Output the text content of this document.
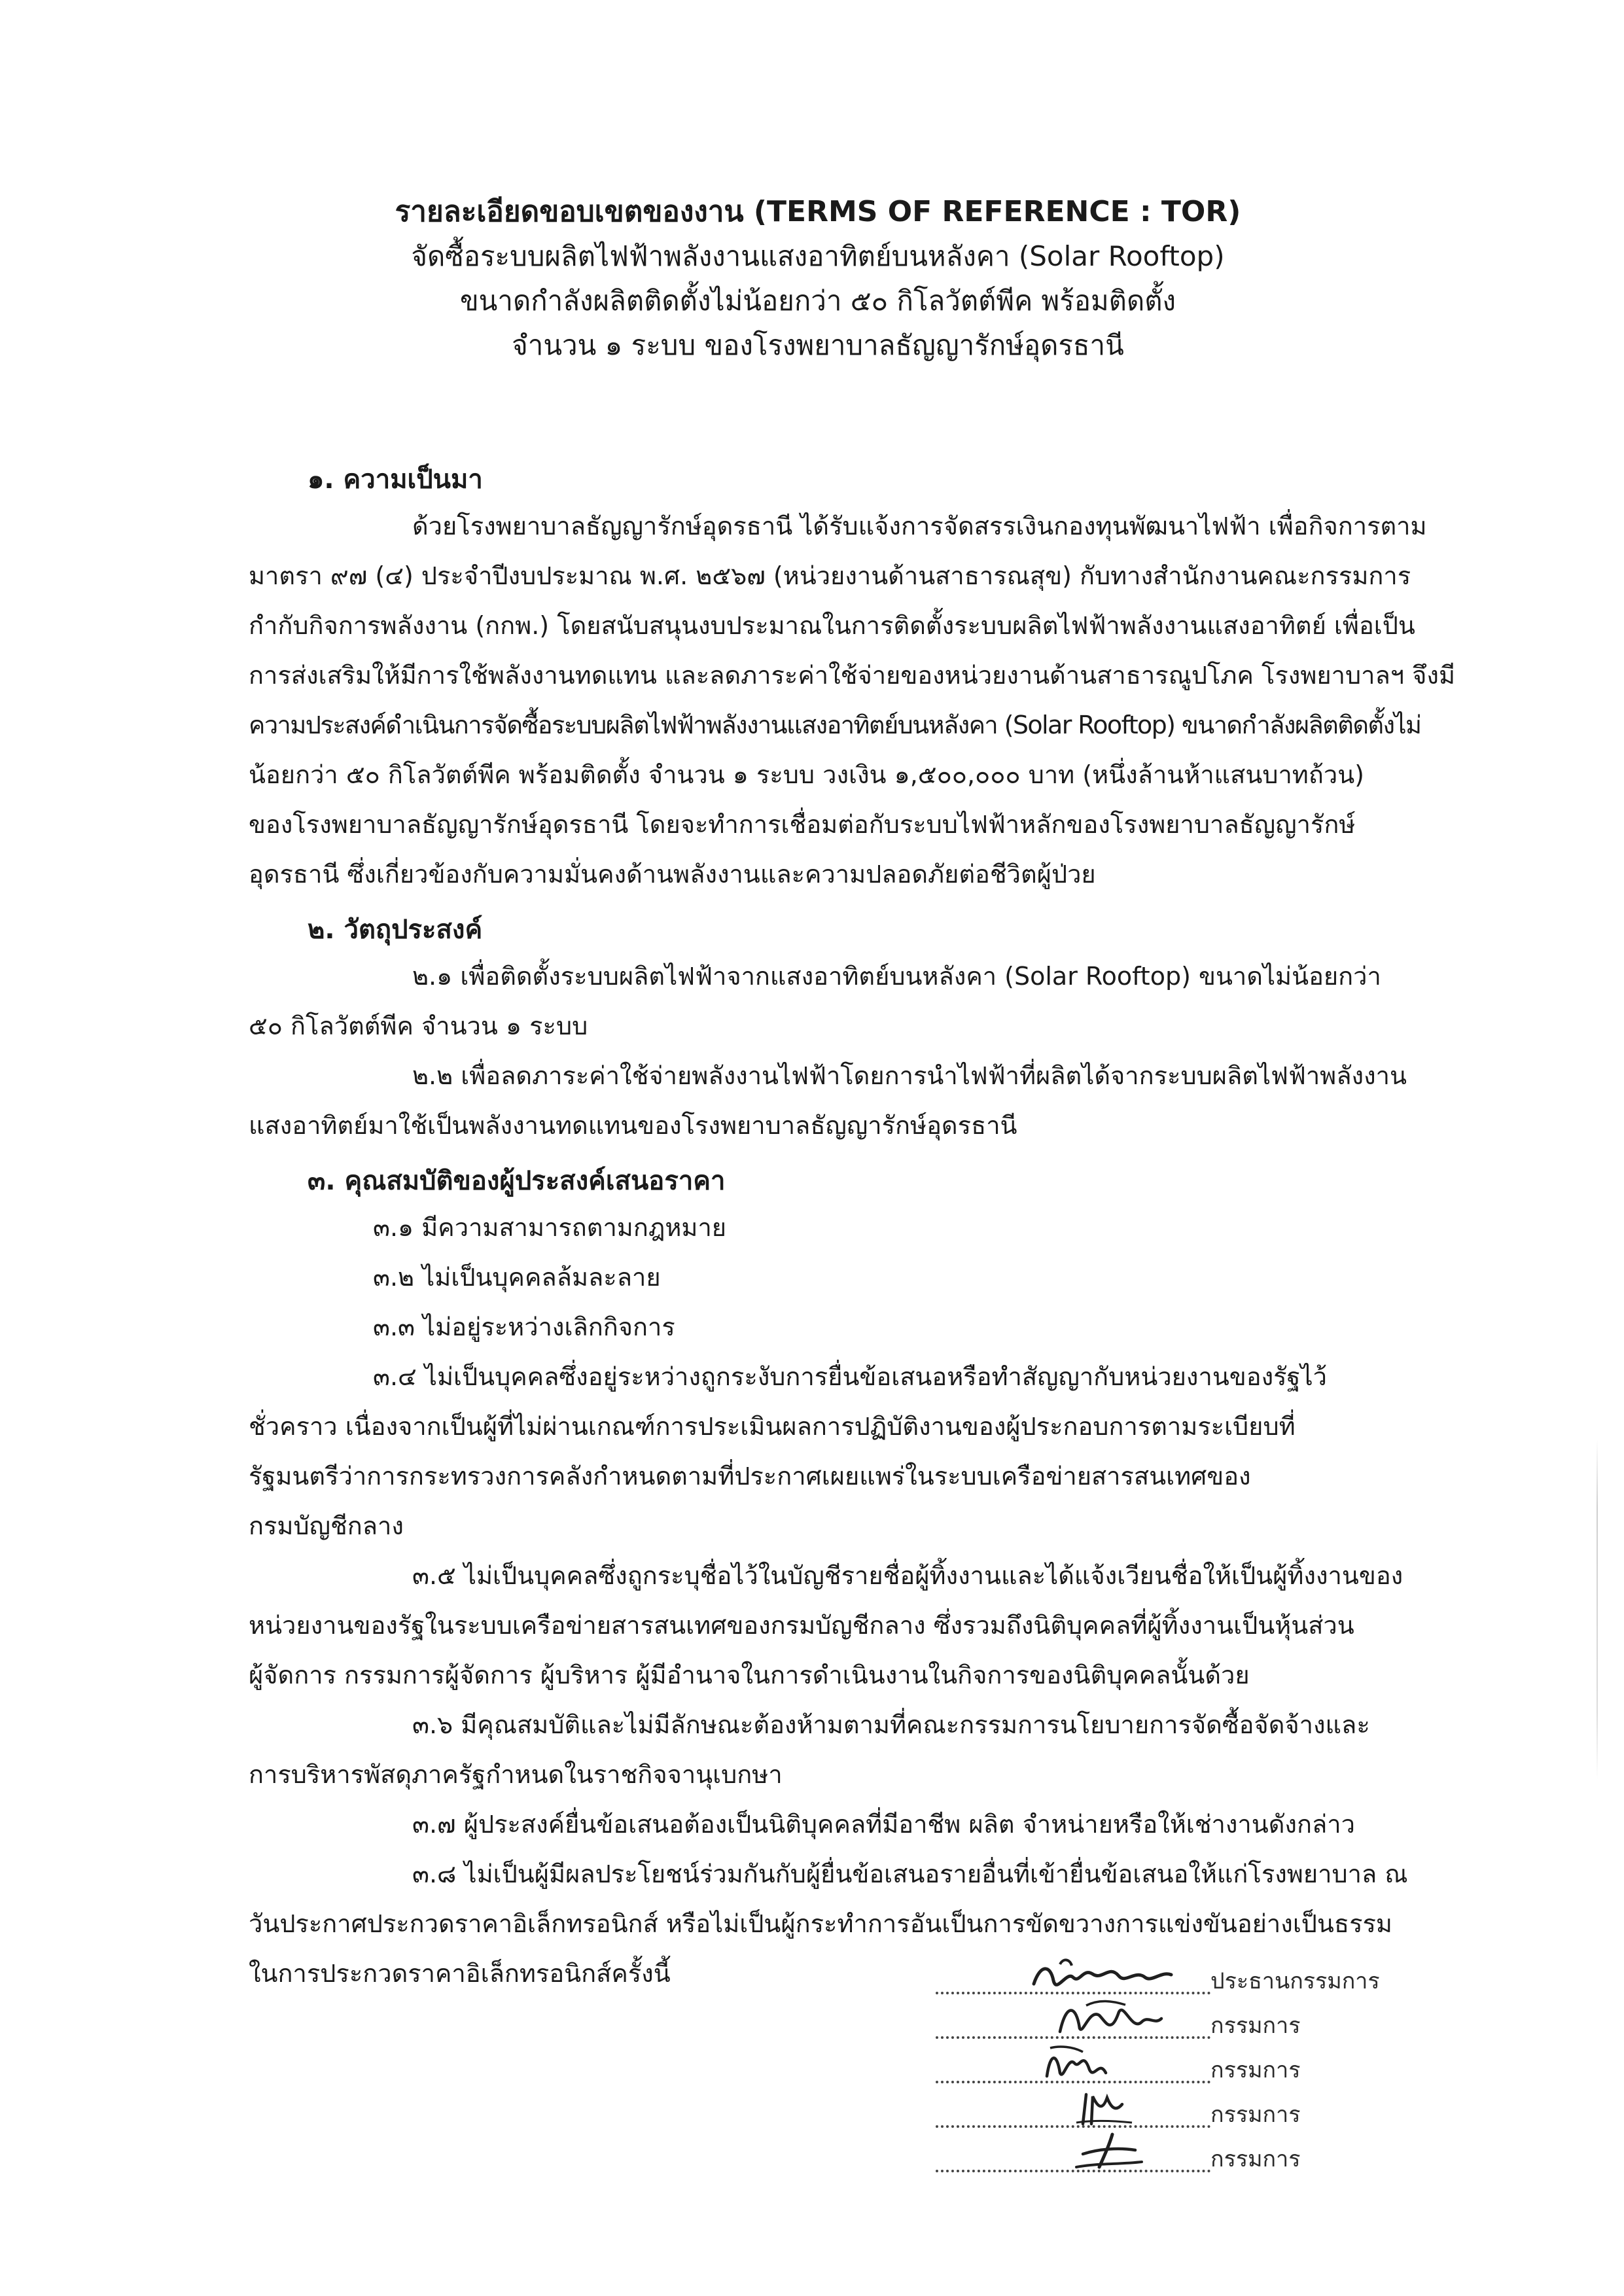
รายละเอียดขอบเขตของงาน (TERMS OF REFERENCE : TOR)
จัดซื้อระบบผลิตไฟฟ้าพลังงานแสงอาทิตย์บนหลังคา (Solar Rooftop)
ขนาดกำลังผลิตติดตั้งไม่น้อยกว่า ๕๐ กิโลวัตต์พีค พร้อมติดตั้ง
จำนวน ๑ ระบบ ของโรงพยาบาลธัญญารักษ์อุดรธานี
๑. ความเป็นมา
ด้วยโรงพยาบาลธัญญารักษ์อุดรธานี ได้รับแจ้งการจัดสรรเงินกองทุนพัฒนาไฟฟ้า เพื่อกิจการตาม
มาตรา ๙๗ (๔) ประจำปีงบประมาณ พ.ศ. ๒๕๖๗ (หน่วยงานด้านสาธารณสุข) กับทางสำนักงานคณะกรรมการ
กำกับกิจการพลังงาน (กกพ.) โดยสนับสนุนงบประมาณในการติดตั้งระบบผลิตไฟฟ้าพลังงานแสงอาทิตย์ เพื่อเป็น
การส่งเสริมให้มีการใช้พลังงานทดแทน และลดภาระค่าใช้จ่ายของหน่วยงานด้านสาธารณูปโภค โรงพยาบาลฯ จึงมี
ความประสงค์ดำเนินการจัดซื้อระบบผลิตไฟฟ้าพลังงานแสงอาทิตย์บนหลังคา (Solar Rooftop) ขนาดกำลังผลิตติดตั้งไม่
น้อยกว่า ๕๐ กิโลวัตต์พีค พร้อมติดตั้ง จำนวน ๑ ระบบ วงเงิน ๑,๕๐๐,๐๐๐ บาท (หนึ่งล้านห้าแสนบาทถ้วน)
ของโรงพยาบาลธัญญารักษ์อุดรธานี โดยจะทำการเชื่อมต่อกับระบบไฟฟ้าหลักของโรงพยาบาลธัญญารักษ์
อุดรธานี ซึ่งเกี่ยวข้องกับความมั่นคงด้านพลังงานและความปลอดภัยต่อชีวิตผู้ป่วย
๒. วัตถุประสงค์
๒.๑ เพื่อติดตั้งระบบผลิตไฟฟ้าจากแสงอาทิตย์บนหลังคา (Solar Rooftop) ขนาดไม่น้อยกว่า
๕๐ กิโลวัตต์พีค จำนวน ๑ ระบบ
๒.๒ เพื่อลดภาระค่าใช้จ่ายพลังงานไฟฟ้าโดยการนำไฟฟ้าที่ผลิตได้จากระบบผลิตไฟฟ้าพลังงาน
แสงอาทิตย์มาใช้เป็นพลังงานทดแทนของโรงพยาบาลธัญญารักษ์อุดรธานี
๓. คุณสมบัติของผู้ประสงค์เสนอราคา
๓.๑ มีความสามารถตามกฎหมาย
๓.๒ ไม่เป็นบุคคลล้มละลาย
๓.๓ ไม่อยู่ระหว่างเลิกกิจการ
๓.๔ ไม่เป็นบุคคลซึ่งอยู่ระหว่างถูกระงับการยื่นข้อเสนอหรือทำสัญญากับหน่วยงานของรัฐไว้
ชั่วคราว เนื่องจากเป็นผู้ที่ไม่ผ่านเกณฑ์การประเมินผลการปฏิบัติงานของผู้ประกอบการตามระเบียบที่
รัฐมนตรีว่าการกระทรวงการคลังกำหนดตามที่ประกาศเผยแพร่ในระบบเครือข่ายสารสนเทศของ
กรมบัญชีกลาง
๓.๕ ไม่เป็นบุคคลซึ่งถูกระบุชื่อไว้ในบัญชีรายชื่อผู้ทิ้งงานและได้แจ้งเวียนชื่อให้เป็นผู้ทิ้งงานของ
หน่วยงานของรัฐในระบบเครือข่ายสารสนเทศของกรมบัญชีกลาง ซึ่งรวมถึงนิติบุคคลที่ผู้ทิ้งงานเป็นหุ้นส่วน
ผู้จัดการ กรรมการผู้จัดการ ผู้บริหาร ผู้มีอำนาจในการดำเนินงานในกิจการของนิติบุคคลนั้นด้วย
๓.๖ มีคุณสมบัติและไม่มีลักษณะต้องห้ามตามที่คณะกรรมการนโยบายการจัดซื้อจัดจ้างและ
การบริหารพัสดุภาครัฐกำหนดในราชกิจจานุเบกษา
๓.๗ ผู้ประสงค์ยื่นข้อเสนอต้องเป็นนิติบุคคลที่มีอาชีพ ผลิต จำหน่ายหรือให้เช่างานดังกล่าว
๓.๘ ไม่เป็นผู้มีผลประโยชน์ร่วมกันกับผู้ยื่นข้อเสนอรายอื่นที่เข้ายื่นข้อเสนอให้แก่โรงพยาบาล ณ
วันประกาศประกวดราคาอิเล็กทรอนิกส์ หรือไม่เป็นผู้กระทำการอันเป็นการขัดขวางการแข่งขันอย่างเป็นธรรม
ในการประกวดราคาอิเล็กทรอนิกส์ครั้งนี้	ประธานกรรมการ
กรรมการ
กรรมการ
กรรมการ
กรรมการ
